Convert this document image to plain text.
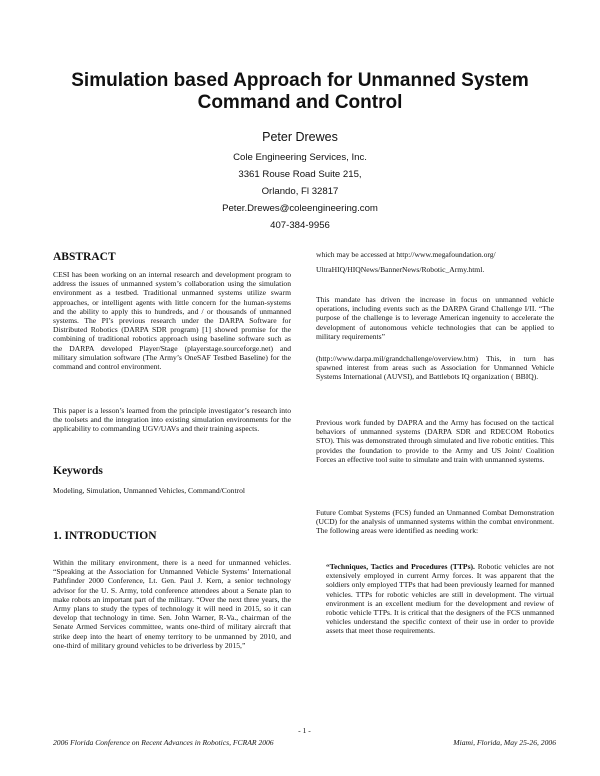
Simulation based Approach for Unmanned System
Command and Control
Peter Drewes
Cole Engineering Services, Inc.
3361 Rouse Road Suite 215,
Orlando, Fl 32817
Peter.Drewes@coleengineering.com
407-384-9956
ABSTRACT

CESI has been working on an internal research and development program to address the issues of unmanned system’s collaboration using the simulation environment as a testbed. Traditional unmanned systems utilize swarm approaches, or intelligent agents with little concern for the human-systems and the ability to apply this to hundreds, and / or thousands of unmanned systems. The PI’s previous research under the DARPA Software for Distributed Robotics (DARPA SDR program) [1] showed promise for the combining of traditional robotics approach using baseline software such as the DARPA developed Player/Stage (playerstage.sourceforge.net) and military simulation software (The Army’s OneSAF Testbed Baseline) for the command and control environment.

This paper is a lesson’s learned from the principle investigator’s research into the toolsets and the integration into existing simulation environments for the applicability to commanding UGV/UAVs and their training aspects.

Keywords

Modeling, Simulation, Unmanned Vehicles, Command/Control

1. INTRODUCTION

Within the military environment, there is a need for unmanned vehicles. “Speaking at the Association for Unmanned Vehicle Systems’ International Pathfinder 2000 Conference, Lt. Gen. Paul J. Kern, a senior technology advisor for the U. S. Army, told conference attendees about a Senate plan to make robots an important part of the military. “Over the next three years, the Army plans to study the types of technology it will need in 2015, so it can develop that technology in time. Sen. John Warner, R-Va., chairman of the Senate Armed Services committee, wants one-third of military aircraft that strike deep into the heart of enemy territory to be unmanned by 2010, and one-third of military ground vehicles to be driverless by 2015,”

which may be accessed at http://www.megafoundation.org/

UltraHIQ/HIQNews/BannerNews/Robotic_Army.html.

This mandate has driven the increase in focus on unmanned vehicle operations, including events such as the DARPA Grand Challenge I/II. “The purpose of the challenge is to leverage American ingenuity to accelerate the development of autonomous vehicle technologies that can be applied to military requirements”

(http://www.darpa.mil/grandchallenge/overview.htm) This, in turn has spawned interest from areas such as Association for Unmanned Vehicle Systems International (AUVSI), and Battlebots IQ organization ( BBIQ).

Previous work funded by DAPRA and the Army has focused on the tactical behaviors of unmanned systems (DARPA SDR and RDECOM Robotics STO). This was demonstrated through simulated and live robotic entities. This provides the foundation to provide to the Army and US Joint/ Coalition Forces an effective tool suite to simulate and train with unmanned systems.

Future Combat Systems (FCS) funded an Unmanned Combat Demonstration (UCD) for the analysis of unmanned systems within the combat environment. The following areas were identified as needing work:

“Techniques, Tactics and Procedures (TTPs). Robotic vehicles are not extensively employed in current Army forces. It was apparent that the soldiers only employed TTPs that had been previously learned for manned vehicles. TTPs for robotic vehicles are still in development. The virtual environment is an excellent medium for the development and review of robotic vehicle TTPs. It is critical that the designers of the FCS unmanned vehicles understand the specific context of their use in order to provide assets that meet those requirements.

- 1 -
2006 Florida Conference on Recent Advances in Robotics, FCRAR 2006	Miami, Florida, May 25-26, 2006
